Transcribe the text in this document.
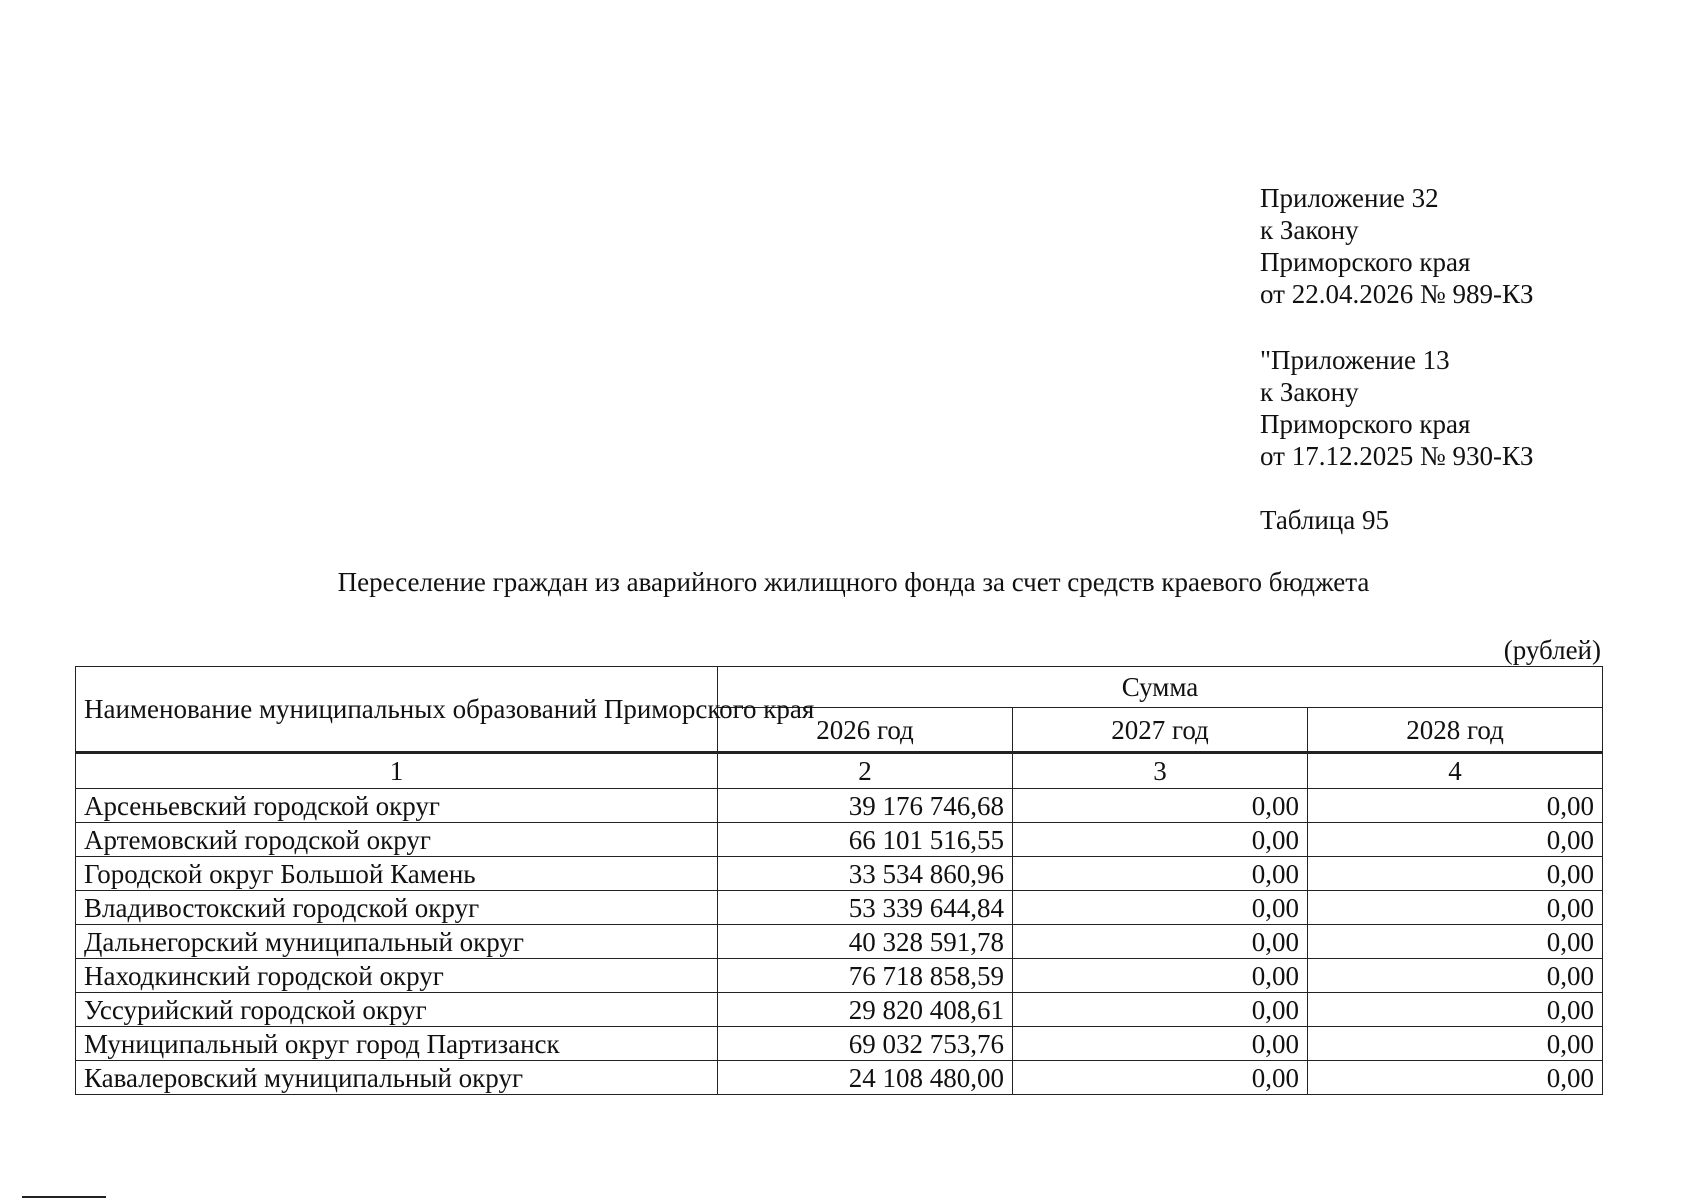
Приложение 32
к Закону
Приморского края
от 22.04.2026 № 989-КЗ
"Приложение 13
к Закону
Приморского края
от 17.12.2025 № 930-КЗ
Таблица 95
Переселение граждан из аварийного жилищного фонда за счет средств краевого бюджета
(рублей)
Наименование муниципальных образований Приморского края	Сумма		
	2026 год	2027 год	2028 год
1	2	3	4
Арсеньевский городской округ	39 176 746,68	0,00	0,00
Артемовский городской округ	66 101 516,55	0,00	0,00
Городской округ Большой Камень	33 534 860,96	0,00	0,00
Владивостокский городской округ	53 339 644,84	0,00	0,00
Дальнегорский муниципальный округ	40 328 591,78	0,00	0,00
Находкинский городской округ	76 718 858,59	0,00	0,00
Уссурийский городской округ	29 820 408,61	0,00	0,00
Муниципальный округ город Партизанск	69 032 753,76	0,00	0,00
Кавалеровский муниципальный округ	24 108 480,00	0,00	0,00
